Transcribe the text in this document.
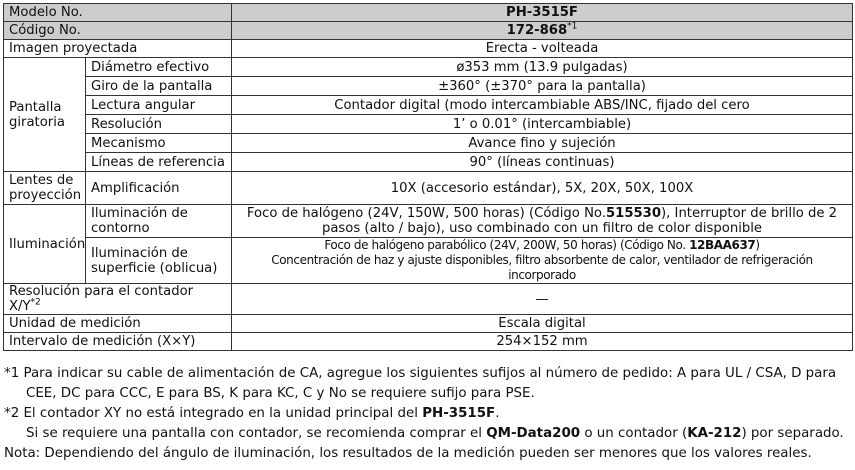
Modelo No.		PH-3515F
Código No.		172-868$^{*1}$
Imagen proyectada		Erecta - volteada
Pantalla giratoria	Diámetro efectivo	ø353 mm (13.9 pulgadas)
	Giro de la pantalla	±360° (±370° para la pantalla)
	Lectura angular	Contador digital (modo intercambiable ABS/INC, fijado del cero
	Resolución	1’ o 0.01° (intercambiable)
	Mecanismo	Avance fino y sujeción
	Líneas de referencia	90° (líneas continuas)
Lentes de proyección	Amplificación	10X (accesorio estándar), 5X, 20X, 50X, 100X
Iluminación	Iluminación de contorno	Foco de halógeno (24V, 150W, 500 horas) (Código No.515530), Interruptor de brillo de 2 pasos (alto / bajo), uso combinado con un filtro de color disponible
	Iluminación de superficie (oblicua)	Foco de halógeno parabólico (24V, 200W, 50 horas) (Código No. 12BAA637)
Concentración de haz y ajuste disponibles, filtro absorbente de calor, ventilador de refrigeración incorporado

Resolución para el contador $X/Y^{*2}$		—
Unidad de medición		Escala digital
Intervalo de medición (X×Y)		254×152 mm

*1 Para indicar su cable de alimentación de CA, agregue los siguientes sufijos al número de pedido: A para UL / CSA, D para

CEE, DC para CCC, E para BS, K para KC, C y No se requiere sufijo para PSE.

*2 El contador XY no está integrado en la unidad principal del PH-3515F.

Si se requiere una pantalla con contador, se recomienda comprar el QM-Data200 o un contador (KA-212) por separado.

Nota: Dependiendo del ángulo de iluminación, los resultados de la medición pueden ser menores que los valores reales.
